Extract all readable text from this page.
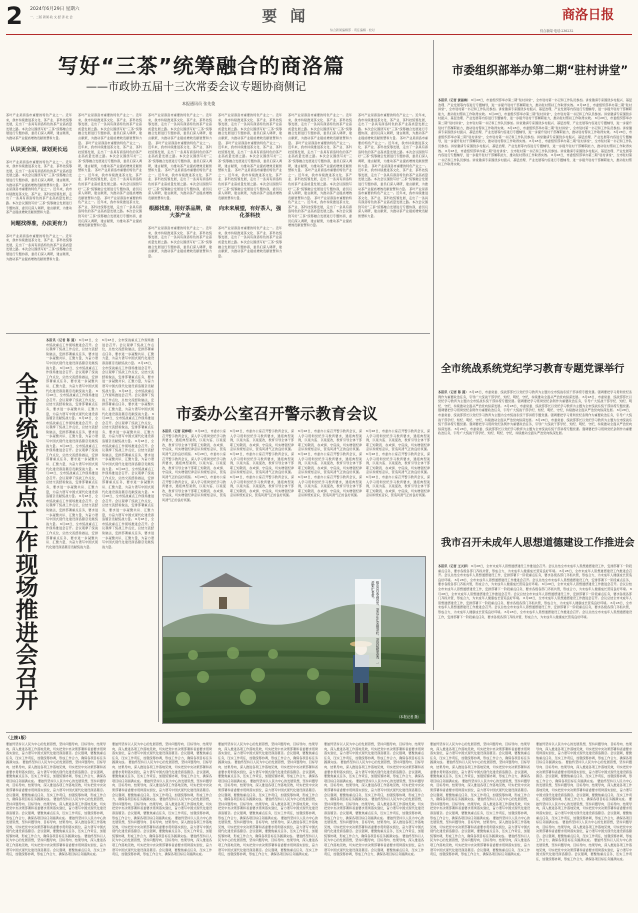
2 2024年6月29日 星期六
一、二版 新闻·政 文·经 济·社 会	要 闻	商洛日报
综合新闻·电话:236232
综合新闻编辑部 · 责任编辑 · 校对
写好“三茶”统筹融合的商洛篇
——市政协五届十三次常委会议专题协商侧记
本报通讯员 张先俊
茶叶产业是商洛市重要的特色产业之一。近年来，我市持续推进茶文化、茶产业、茶科技统筹发展，走出了一条具有商洛特色的茶产业高质量发展之路。本次会议围绕写好“三茶”统筹融合发展进行专题协商，委员们深入调研，建言献策，为推动茶产业提质增效贡献智慧和力量。
认识更全面，谋划更长远
茶叶产业是商洛市重要的特色产业之一。近年来，我市持续推进茶文化、茶产业、茶科技统筹发展，走出了一条具有商洛特色的茶产业高质量发展之路。本次会议围绕写好“三茶”统筹融合发展进行专题协商，委员们深入调研，建言献策，为推动茶产业提质增效贡献智慧和力量。 茶叶产业是商洛市重要的特色产业之一。近年来，我市持续推进茶文化、茶产业、茶科技统筹发展，走出了一条具有商洛特色的茶产业高质量发展之路。本次会议围绕写好“三茶”统筹融合发展进行专题协商，委员们深入调研，建言献策，为推动茶产业提质增效贡献智慧和力量。
问题找得准，办法更有力
茶叶产业是商洛市重要的特色产业之一。近年来，我市持续推进茶文化、茶产业、茶科技统筹发展，走出了一条具有商洛特色的茶产业高质量发展之路。本次会议围绕写好“三茶”统筹融合发展进行专题协商，委员们深入调研，建言献策，为推动茶产业提质增效贡献智慧和力量。
茶叶产业是商洛市重要的特色产业之一。近年来，我市持续推进茶文化、茶产业、茶科技统筹发展，走出了一条具有商洛特色的茶产业高质量发展之路。本次会议围绕写好“三茶”统筹融合发展进行专题协商，委员们深入调研，建言献策，为推动茶产业提质增效贡献智慧和力量。 茶叶产业是商洛市重要的特色产业之一。近年来，我市持续推进茶文化、茶产业、茶科技统筹发展，走出了一条具有商洛特色的茶产业高质量发展之路。本次会议围绕写好“三茶”统筹融合发展进行专题协商，委员们深入调研，建言献策，为推动茶产业提质增效贡献智慧和力量。 茶叶产业是商洛市重要的特色产业之一。近年来，我市持续推进茶文化、茶产业、茶科技统筹发展，走出了一条具有商洛特色的茶产业高质量发展之路。本次会议围绕写好“三茶”统筹融合发展进行专题协商，委员们深入调研，建言献策，为推动茶产业提质增效贡献智慧和力量。 茶叶产业是商洛市重要的特色产业之一。近年来，我市持续推进茶文化、茶产业、茶科技统筹发展，走出了一条具有商洛特色的茶产业高质量发展之路。本次会议围绕写好“三茶”统筹融合发展进行专题协商，委员们深入调研，建言献策，为推动茶产业提质增效贡献智慧和力量。
茶叶产业是商洛市重要的特色产业之一。近年来，我市持续推进茶文化、茶产业、茶科技统筹发展，走出了一条具有商洛特色的茶产业高质量发展之路。本次会议围绕写好“三茶”统筹融合发展进行专题协商，委员们深入调研，建言献策，为推动茶产业提质增效贡献智慧和力量。 茶叶产业是商洛市重要的特色产业之一。近年来，我市持续推进茶文化、茶产业、茶科技统筹发展，走出了一条具有商洛特色的茶产业高质量发展之路。本次会议围绕写好“三茶”统筹融合发展进行专题协商，委员们深入调研，建言献策，为推动茶产业提质增效贡献智慧和力量。 茶叶产业是商洛市重要的特色产业之一。近年来，我市持续推进茶文化、茶产业、茶科技统筹发展，走出了一条具有商洛特色的茶产业高质量发展之路。本次会议围绕写好“三茶”统筹融合发展进行专题协商，委员们深入调研，建言献策，为推动茶产业提质增效贡献智慧和力量。
根源找准，用好茶品牌，做大茶产业
茶叶产业是商洛市重要的特色产业之一。近年来，我市持续推进茶文化、茶产业、茶科技统筹发展，走出了一条具有商洛特色的茶产业高质量发展之路。本次会议围绕写好“三茶”统筹融合发展进行专题协商，委员们深入调研，建言献策，为推动茶产业提质增效贡献智慧和力量。
茶叶产业是商洛市重要的特色产业之一。近年来，我市持续推进茶文化、茶产业、茶科技统筹发展，走出了一条具有商洛特色的茶产业高质量发展之路。本次会议围绕写好“三茶”统筹融合发展进行专题协商，委员们深入调研，建言献策，为推动茶产业提质增效贡献智慧和力量。 茶叶产业是商洛市重要的特色产业之一。近年来，我市持续推进茶文化、茶产业、茶科技统筹发展，走出了一条具有商洛特色的茶产业高质量发展之路。本次会议围绕写好“三茶”统筹融合发展进行专题协商，委员们深入调研，建言献策，为推动茶产业提质增效贡献智慧和力量。 茶叶产业是商洛市重要的特色产业之一。近年来，我市持续推进茶文化、茶产业、茶科技统筹发展，走出了一条具有商洛特色的茶产业高质量发展之路。本次会议围绕写好“三茶”统筹融合发展进行专题协商，委员们深入调研，建言献策，为推动茶产业提质增效贡献智慧和力量。
向未来展望，有好茶人，强化茶科技
茶叶产业是商洛市重要的特色产业之一。近年来，我市持续推进茶文化、茶产业、茶科技统筹发展，走出了一条具有商洛特色的茶产业高质量发展之路。本次会议围绕写好“三茶”统筹融合发展进行专题协商，委员们深入调研，建言献策，为推动茶产业提质增效贡献智慧和力量。
茶叶产业是商洛市重要的特色产业之一。近年来，我市持续推进茶文化、茶产业、茶科技统筹发展，走出了一条具有商洛特色的茶产业高质量发展之路。本次会议围绕写好“三茶”统筹融合发展进行专题协商，委员们深入调研，建言献策，为推动茶产业提质增效贡献智慧和力量。 茶叶产业是商洛市重要的特色产业之一。近年来，我市持续推进茶文化、茶产业、茶科技统筹发展，走出了一条具有商洛特色的茶产业高质量发展之路。本次会议围绕写好“三茶”统筹融合发展进行专题协商，委员们深入调研，建言献策，为推动茶产业提质增效贡献智慧和力量。 茶叶产业是商洛市重要的特色产业之一。近年来，我市持续推进茶文化、茶产业、茶科技统筹发展，走出了一条具有商洛特色的茶产业高质量发展之路。本次会议围绕写好“三茶”统筹融合发展进行专题协商，委员们深入调研，建言献策，为推动茶产业提质增效贡献智慧和力量。 茶叶产业是商洛市重要的特色产业之一。近年来，我市持续推进茶文化、茶产业、茶科技统筹发展，走出了一条具有商洛特色的茶产业高质量发展之路。本次会议围绕写好“三茶”统筹融合发展进行专题协商，委员们深入调研，建言献策，为推动茶产业提质增效贡献智慧和力量。
茶叶产业是商洛市重要的特色产业之一。近年来，我市持续推进茶文化、茶产业、茶科技统筹发展，走出了一条具有商洛特色的茶产业高质量发展之路。本次会议围绕写好“三茶”统筹融合发展进行专题协商，委员们深入调研，建言献策，为推动茶产业提质增效贡献智慧和力量。 茶叶产业是商洛市重要的特色产业之一。近年来，我市持续推进茶文化、茶产业、茶科技统筹发展，走出了一条具有商洛特色的茶产业高质量发展之路。本次会议围绕写好“三茶”统筹融合发展进行专题协商，委员们深入调研，建言献策，为推动茶产业提质增效贡献智慧和力量。 茶叶产业是商洛市重要的特色产业之一。近年来，我市持续推进茶文化、茶产业、茶科技统筹发展，走出了一条具有商洛特色的茶产业高质量发展之路。本次会议围绕写好“三茶”统筹融合发展进行专题协商，委员们深入调研，建言献策，为推动茶产业提质增效贡献智慧和力量。 茶叶产业是商洛市重要的特色产业之一。近年来，我市持续推进茶文化、茶产业、茶科技统筹发展，走出了一条具有商洛特色的茶产业高质量发展之路。本次会议围绕写好“三茶”统筹融合发展进行专题协商，委员们深入调研，建言献策，为推动茶产业提质增效贡献智慧和力量。
市委组织部举办第二期“驻村讲堂”
本报讯（记者 黄丽梅） 6月28日，市委组织部举办第二期“驻村讲堂”，全市驻村第一书记和工作队员参加。讲堂邀请专家围绕乡村振兴、基层治理、产业发展等内容进行专题辅导，进一步提升驻村干部履职能力，推动驻村帮扶工作取得实效。 6月28日，市委组织部举办第二期“驻村讲堂”，全市驻村第一书记和工作队员参加。讲堂邀请专家围绕乡村振兴、基层治理、产业发展等内容进行专题辅导，进一步提升驻村干部履职能力，推动驻村帮扶工作取得实效。 6月28日，市委组织部举办第二期“驻村讲堂”，全市驻村第一书记和工作队员参加。讲堂邀请专家围绕乡村振兴、基层治理、产业发展等内容进行专题辅导，进一步提升驻村干部履职能力，推动驻村帮扶工作取得实效。 6月28日，市委组织部举办第二期“驻村讲堂”，全市驻村第一书记和工作队员参加。讲堂邀请专家围绕乡村振兴、基层治理、产业发展等内容进行专题辅导，进一步提升驻村干部履职能力，推动驻村帮扶工作取得实效。 6月28日，市委组织部举办第二期“驻村讲堂”，全市驻村第一书记和工作队员参加。讲堂邀请专家围绕乡村振兴、基层治理、产业发展等内容进行专题辅导，进一步提升驻村干部履职能力，推动驻村帮扶工作取得实效。 6月28日，市委组织部举办第二期“驻村讲堂”，全市驻村第一书记和工作队员参加。讲堂邀请专家围绕乡村振兴、基层治理、产业发展等内容进行专题辅导，进一步提升驻村干部履职能力，推动驻村帮扶工作取得实效。 6月28日，市委组织部举办第二期“驻村讲堂”，全市驻村第一书记和工作队员参加。讲堂邀请专家围绕乡村振兴、基层治理、产业发展等内容进行专题辅导，进一步提升驻村干部履职能力，推动驻村帮扶工作取得实效。 6月28日，市委组织部举办第二期“驻村讲堂”，全市驻村第一书记和工作队员参加。讲堂邀请专家围绕乡村振兴、基层治理、产业发展等内容进行专题辅导，进一步提升驻村干部履职能力，推动驻村帮扶工作取得实效。 6月28日，市委组织部举办第二期“驻村讲堂”，全市驻村第一书记和工作队员参加。讲堂邀请专家围绕乡村振兴、基层治理、产业发展等内容进行专题辅导，进一步提升驻村干部履职能力，推动驻村帮扶工作取得实效。
全市统战系统党纪学习教育专题党课举行
本报讯（记者 陈 圆） 6月28日，市委常委、统战部部长以党纪学习教育为主题为全市统战系统干部讲授专题党课。强调要把学习贯彻党纪条例作为重要政治任务，引导广大统战干部学纪、知纪、明纪、守纪，持续推动全面从严治党向纵深发展。 6月28日，市委常委、统战部部长以党纪学习教育为主题为全市统战系统干部讲授专题党课。强调要把学习贯彻党纪条例作为重要政治任务，引导广大统战干部学纪、知纪、明纪、守纪，持续推动全面从严治党向纵深发展。 6月28日，市委常委、统战部部长以党纪学习教育为主题为全市统战系统干部讲授专题党课。强调要把学习贯彻党纪条例作为重要政治任务，引导广大统战干部学纪、知纪、明纪、守纪，持续推动全面从严治党向纵深发展。 6月28日，市委常委、统战部部长以党纪学习教育为主题为全市统战系统干部讲授专题党课。强调要把学习贯彻党纪条例作为重要政治任务，引导广大统战干部学纪、知纪、明纪、守纪，持续推动全面从严治党向纵深发展。 6月28日，市委常委、统战部部长以党纪学习教育为主题为全市统战系统干部讲授专题党课。强调要把学习贯彻党纪条例作为重要政治任务，引导广大统战干部学纪、知纪、明纪、守纪，持续推动全面从严治党向纵深发展。 6月28日，市委常委、统战部部长以党纪学习教育为主题为全市统战系统干部讲授专题党课。强调要把学习贯彻党纪条例作为重要政治任务，引导广大统战干部学纪、知纪、明纪、守纪，持续推动全面从严治党向纵深发展。
我市召开未成年人思想道德建设工作推进会
本报讯（记者 王天彩） 6月28日，全市未成年人思想道德建设工作推进会召开。会议总结全市未成年人思想道德建设工作，安排部署下一阶段重点任务，要求各级各部门齐抓共管，形成合力，为未成年人健康成长营造良好环境。 6月28日，全市未成年人思想道德建设工作推进会召开。会议总结全市未成年人思想道德建设工作，安排部署下一阶段重点任务，要求各级各部门齐抓共管，形成合力，为未成年人健康成长营造良好环境。 6月28日，全市未成年人思想道德建设工作推进会召开。会议总结全市未成年人思想道德建设工作，安排部署下一阶段重点任务，要求各级各部门齐抓共管，形成合力，为未成年人健康成长营造良好环境。 6月28日，全市未成年人思想道德建设工作推进会召开。会议总结全市未成年人思想道德建设工作，安排部署下一阶段重点任务，要求各级各部门齐抓共管，形成合力，为未成年人健康成长营造良好环境。 6月28日，全市未成年人思想道德建设工作推进会召开。会议总结全市未成年人思想道德建设工作，安排部署下一阶段重点任务，要求各级各部门齐抓共管，形成合力，为未成年人健康成长营造良好环境。 6月28日，全市未成年人思想道德建设工作推进会召开。会议总结全市未成年人思想道德建设工作，安排部署下一阶段重点任务，要求各级各部门齐抓共管，形成合力，为未成年人健康成长营造良好环境。 6月28日，全市未成年人思想道德建设工作推进会召开。会议总结全市未成年人思想道德建设工作，安排部署下一阶段重点任务，要求各级各部门齐抓共管，形成合力，为未成年人健康成长营造良好环境。 6月28日，全市未成年人思想道德建设工作推进会召开。会议总结全市未成年人思想道德建设工作，安排部署下一阶段重点任务，要求各级各部门齐抓共管，形成合力，为未成年人健康成长营造良好环境。
全
市
统
战
重
点
工
作
现
场
推
进
会
召
开
本报讯（记者 陈 圆） 6月28日，全市统战重点工作现场推进会召开。会议观摩了统战工作点位，总结交流经验做法，安排部署重点任务，要求进一步凝聚共识、汇聚力量，为奋力谱写中国式现代化建设商洛篇章贡献统战力量。 6月28日，全市统战重点工作现场推进会召开。会议观摩了统战工作点位，总结交流经验做法，安排部署重点任务，要求进一步凝聚共识、汇聚力量，为奋力谱写中国式现代化建设商洛篇章贡献统战力量。 6月28日，全市统战重点工作现场推进会召开。会议观摩了统战工作点位，总结交流经验做法，安排部署重点任务，要求进一步凝聚共识、汇聚力量，为奋力谱写中国式现代化建设商洛篇章贡献统战力量。 6月28日，全市统战重点工作现场推进会召开。会议观摩了统战工作点位，总结交流经验做法，安排部署重点任务，要求进一步凝聚共识、汇聚力量，为奋力谱写中国式现代化建设商洛篇章贡献统战力量。 6月28日，全市统战重点工作现场推进会召开。会议观摩了统战工作点位，总结交流经验做法，安排部署重点任务，要求进一步凝聚共识、汇聚力量，为奋力谱写中国式现代化建设商洛篇章贡献统战力量。 6月28日，全市统战重点工作现场推进会召开。会议观摩了统战工作点位，总结交流经验做法，安排部署重点任务，要求进一步凝聚共识、汇聚力量，为奋力谱写中国式现代化建设商洛篇章贡献统战力量。 6月28日，全市统战重点工作现场推进会召开。会议观摩了统战工作点位，总结交流经验做法，安排部署重点任务，要求进一步凝聚共识、汇聚力量，为奋力谱写中国式现代化建设商洛篇章贡献统战力量。 6月28日，全市统战重点工作现场推进会召开。会议观摩了统战工作点位，总结交流经验做法，安排部署重点任务，要求进一步凝聚共识、汇聚力量，为奋力谱写中国式现代化建设商洛篇章贡献统战力量。
6月28日，全市统战重点工作现场推进会召开。会议观摩了统战工作点位，总结交流经验做法，安排部署重点任务，要求进一步凝聚共识、汇聚力量，为奋力谱写中国式现代化建设商洛篇章贡献统战力量。 6月28日，全市统战重点工作现场推进会召开。会议观摩了统战工作点位，总结交流经验做法，安排部署重点任务，要求进一步凝聚共识、汇聚力量，为奋力谱写中国式现代化建设商洛篇章贡献统战力量。 6月28日，全市统战重点工作现场推进会召开。会议观摩了统战工作点位，总结交流经验做法，安排部署重点任务，要求进一步凝聚共识、汇聚力量，为奋力谱写中国式现代化建设商洛篇章贡献统战力量。 6月28日，全市统战重点工作现场推进会召开。会议观摩了统战工作点位，总结交流经验做法，安排部署重点任务，要求进一步凝聚共识、汇聚力量，为奋力谱写中国式现代化建设商洛篇章贡献统战力量。 6月28日，全市统战重点工作现场推进会召开。会议观摩了统战工作点位，总结交流经验做法，安排部署重点任务，要求进一步凝聚共识、汇聚力量，为奋力谱写中国式现代化建设商洛篇章贡献统战力量。 6月28日，全市统战重点工作现场推进会召开。会议观摩了统战工作点位，总结交流经验做法，安排部署重点任务，要求进一步凝聚共识、汇聚力量，为奋力谱写中国式现代化建设商洛篇章贡献统战力量。 6月28日，全市统战重点工作现场推进会召开。会议观摩了统战工作点位，总结交流经验做法，安排部署重点任务，要求进一步凝聚共识、汇聚力量，为奋力谱写中国式现代化建设商洛篇章贡献统战力量。 6月28日，全市统战重点工作现场推进会召开。会议观摩了统战工作点位，总结交流经验做法，安排部署重点任务，要求进一步凝聚共识、汇聚力量，为奋力谱写中国式现代化建设商洛篇章贡献统战力量。
市委办公室召开警示教育会议
本报讯（记者 祝烨晴） 6月28日，市委办公室召开警示教育会议，深入学习贯彻党纪学习教育要求，通报典型案例，以案为鉴、以案促改，教育引导全体干部职工知敬畏、存戒惧、守底线，切实增强纪律意识和规矩意识，营造风清气正的良好氛围。 6月28日，市委办公室召开警示教育会议，深入学习贯彻党纪学习教育要求，通报典型案例，以案为鉴、以案促改，教育引导全体干部职工知敬畏、存戒惧、守底线，切实增强纪律意识和规矩意识，营造风清气正的良好氛围。 6月28日，市委办公室召开警示教育会议，深入学习贯彻党纪学习教育要求，通报典型案例，以案为鉴、以案促改，教育引导全体干部职工知敬畏、存戒惧、守底线，切实增强纪律意识和规矩意识，营造风清气正的良好氛围。
6月28日，市委办公室召开警示教育会议，深入学习贯彻党纪学习教育要求，通报典型案例，以案为鉴、以案促改，教育引导全体干部职工知敬畏、存戒惧、守底线，切实增强纪律意识和规矩意识，营造风清气正的良好氛围。 6月28日，市委办公室召开警示教育会议，深入学习贯彻党纪学习教育要求，通报典型案例，以案为鉴、以案促改，教育引导全体干部职工知敬畏、存戒惧、守底线，切实增强纪律意识和规矩意识，营造风清气正的良好氛围。 6月28日，市委办公室召开警示教育会议，深入学习贯彻党纪学习教育要求，通报典型案例，以案为鉴、以案促改，教育引导全体干部职工知敬畏、存戒惧、守底线，切实增强纪律意识和规矩意识，营造风清气正的良好氛围。
6月28日，市委办公室召开警示教育会议，深入学习贯彻党纪学习教育要求，通报典型案例，以案为鉴、以案促改，教育引导全体干部职工知敬畏、存戒惧、守底线，切实增强纪律意识和规矩意识，营造风清气正的良好氛围。 6月28日，市委办公室召开警示教育会议，深入学习贯彻党纪学习教育要求，通报典型案例，以案为鉴、以案促改，教育引导全体干部职工知敬畏、存戒惧、守底线，切实增强纪律意识和规矩意识，营造风清气正的良好氛围。 6月28日，市委办公室召开警示教育会议，深入学习贯彻党纪学习教育要求，通报典型案例，以案为鉴、以案促改，教育引导全体干部职工知敬畏、存戒惧、守底线，切实增强纪律意识和规矩意识，营造风清气正的良好氛围。
6月28日，市委办公室召开警示教育会议，深入学习贯彻党纪学习教育要求，通报典型案例，以案为鉴、以案促改，教育引导全体干部职工知敬畏、存戒惧、守底线，切实增强纪律意识和规矩意识，营造风清气正的良好氛围。 6月28日，市委办公室召开警示教育会议，深入学习贯彻党纪学习教育要求，通报典型案例，以案为鉴、以案促改，教育引导全体干部职工知敬畏、存戒惧、守底线，切实增强纪律意识和规矩意识，营造风清气正的良好氛围。 6月28日，市委办公室召开警示教育会议，深入学习贯彻党纪学习教育要求，通报典型案例，以案为鉴、以案促改，教育引导全体干部职工知敬畏、存戒惧、守底线，切实增强纪律意识和规矩意识，营造风清气正的良好氛围。
镇安县某茶园里，茶农正在采摘茶叶，茶园郁郁葱葱，一派繁忙景象。
（本报记者 摄）
（上接1版）
要始终坚持以人民为中心的发展思想，坚持问题导向、目标导向、结果导向，深入推进各项工作落地见效，切实把党中央决策部署和省委要求贯彻落实到位，奋力谱写中国式现代化建设商洛篇章。会议强调，要聚焦重点任务，压实工作责任，加强统筹协调，形成工作合力，确保各项目标任务圆满完成。 要始终坚持以人民为中心的发展思想，坚持问题导向、目标导向、结果导向，深入推进各项工作落地见效，切实把党中央决策部署和省委要求贯彻落实到位，奋力谱写中国式现代化建设商洛篇章。会议强调，要聚焦重点任务，压实工作责任，加强统筹协调，形成工作合力，确保各项目标任务圆满完成。 要始终坚持以人民为中心的发展思想，坚持问题导向、目标导向、结果导向，深入推进各项工作落地见效，切实把党中央决策部署和省委要求贯彻落实到位，奋力谱写中国式现代化建设商洛篇章。会议强调，要聚焦重点任务，压实工作责任，加强统筹协调，形成工作合力，确保各项目标任务圆满完成。 要始终坚持以人民为中心的发展思想，坚持问题导向、目标导向、结果导向，深入推进各项工作落地见效，切实把党中央决策部署和省委要求贯彻落实到位，奋力谱写中国式现代化建设商洛篇章。会议强调，要聚焦重点任务，压实工作责任，加强统筹协调，形成工作合力，确保各项目标任务圆满完成。 要始终坚持以人民为中心的发展思想，坚持问题导向、目标导向、结果导向，深入推进各项工作落地见效，切实把党中央决策部署和省委要求贯彻落实到位，奋力谱写中国式现代化建设商洛篇章。会议强调，要聚焦重点任务，压实工作责任，加强统筹协调，形成工作合力，确保各项目标任务圆满完成。 要始终坚持以人民为中心的发展思想，坚持问题导向、目标导向、结果导向，深入推进各项工作落地见效，切实把党中央决策部署和省委要求贯彻落实到位，奋力谱写中国式现代化建设商洛篇章。会议强调，要聚焦重点任务，压实工作责任，加强统筹协调，形成工作合力，确保各项目标任务圆满完成。
要始终坚持以人民为中心的发展思想，坚持问题导向、目标导向、结果导向，深入推进各项工作落地见效，切实把党中央决策部署和省委要求贯彻落实到位，奋力谱写中国式现代化建设商洛篇章。会议强调，要聚焦重点任务，压实工作责任，加强统筹协调，形成工作合力，确保各项目标任务圆满完成。 要始终坚持以人民为中心的发展思想，坚持问题导向、目标导向、结果导向，深入推进各项工作落地见效，切实把党中央决策部署和省委要求贯彻落实到位，奋力谱写中国式现代化建设商洛篇章。会议强调，要聚焦重点任务，压实工作责任，加强统筹协调，形成工作合力，确保各项目标任务圆满完成。 要始终坚持以人民为中心的发展思想，坚持问题导向、目标导向、结果导向，深入推进各项工作落地见效，切实把党中央决策部署和省委要求贯彻落实到位，奋力谱写中国式现代化建设商洛篇章。会议强调，要聚焦重点任务，压实工作责任，加强统筹协调，形成工作合力，确保各项目标任务圆满完成。 要始终坚持以人民为中心的发展思想，坚持问题导向、目标导向、结果导向，深入推进各项工作落地见效，切实把党中央决策部署和省委要求贯彻落实到位，奋力谱写中国式现代化建设商洛篇章。会议强调，要聚焦重点任务，压实工作责任，加强统筹协调，形成工作合力，确保各项目标任务圆满完成。 要始终坚持以人民为中心的发展思想，坚持问题导向、目标导向、结果导向，深入推进各项工作落地见效，切实把党中央决策部署和省委要求贯彻落实到位，奋力谱写中国式现代化建设商洛篇章。会议强调，要聚焦重点任务，压实工作责任，加强统筹协调，形成工作合力，确保各项目标任务圆满完成。 要始终坚持以人民为中心的发展思想，坚持问题导向、目标导向、结果导向，深入推进各项工作落地见效，切实把党中央决策部署和省委要求贯彻落实到位，奋力谱写中国式现代化建设商洛篇章。会议强调，要聚焦重点任务，压实工作责任，加强统筹协调，形成工作合力，确保各项目标任务圆满完成。
要始终坚持以人民为中心的发展思想，坚持问题导向、目标导向、结果导向，深入推进各项工作落地见效，切实把党中央决策部署和省委要求贯彻落实到位，奋力谱写中国式现代化建设商洛篇章。会议强调，要聚焦重点任务，压实工作责任，加强统筹协调，形成工作合力，确保各项目标任务圆满完成。 要始终坚持以人民为中心的发展思想，坚持问题导向、目标导向、结果导向，深入推进各项工作落地见效，切实把党中央决策部署和省委要求贯彻落实到位，奋力谱写中国式现代化建设商洛篇章。会议强调，要聚焦重点任务，压实工作责任，加强统筹协调，形成工作合力，确保各项目标任务圆满完成。 要始终坚持以人民为中心的发展思想，坚持问题导向、目标导向、结果导向，深入推进各项工作落地见效，切实把党中央决策部署和省委要求贯彻落实到位，奋力谱写中国式现代化建设商洛篇章。会议强调，要聚焦重点任务，压实工作责任，加强统筹协调，形成工作合力，确保各项目标任务圆满完成。 要始终坚持以人民为中心的发展思想，坚持问题导向、目标导向、结果导向，深入推进各项工作落地见效，切实把党中央决策部署和省委要求贯彻落实到位，奋力谱写中国式现代化建设商洛篇章。会议强调，要聚焦重点任务，压实工作责任，加强统筹协调，形成工作合力，确保各项目标任务圆满完成。 要始终坚持以人民为中心的发展思想，坚持问题导向、目标导向、结果导向，深入推进各项工作落地见效，切实把党中央决策部署和省委要求贯彻落实到位，奋力谱写中国式现代化建设商洛篇章。会议强调，要聚焦重点任务，压实工作责任，加强统筹协调，形成工作合力，确保各项目标任务圆满完成。 要始终坚持以人民为中心的发展思想，坚持问题导向、目标导向、结果导向，深入推进各项工作落地见效，切实把党中央决策部署和省委要求贯彻落实到位，奋力谱写中国式现代化建设商洛篇章。会议强调，要聚焦重点任务，压实工作责任，加强统筹协调，形成工作合力，确保各项目标任务圆满完成。
要始终坚持以人民为中心的发展思想，坚持问题导向、目标导向、结果导向，深入推进各项工作落地见效，切实把党中央决策部署和省委要求贯彻落实到位，奋力谱写中国式现代化建设商洛篇章。会议强调，要聚焦重点任务，压实工作责任，加强统筹协调，形成工作合力，确保各项目标任务圆满完成。 要始终坚持以人民为中心的发展思想，坚持问题导向、目标导向、结果导向，深入推进各项工作落地见效，切实把党中央决策部署和省委要求贯彻落实到位，奋力谱写中国式现代化建设商洛篇章。会议强调，要聚焦重点任务，压实工作责任，加强统筹协调，形成工作合力，确保各项目标任务圆满完成。 要始终坚持以人民为中心的发展思想，坚持问题导向、目标导向、结果导向，深入推进各项工作落地见效，切实把党中央决策部署和省委要求贯彻落实到位，奋力谱写中国式现代化建设商洛篇章。会议强调，要聚焦重点任务，压实工作责任，加强统筹协调，形成工作合力，确保各项目标任务圆满完成。 要始终坚持以人民为中心的发展思想，坚持问题导向、目标导向、结果导向，深入推进各项工作落地见效，切实把党中央决策部署和省委要求贯彻落实到位，奋力谱写中国式现代化建设商洛篇章。会议强调，要聚焦重点任务，压实工作责任，加强统筹协调，形成工作合力，确保各项目标任务圆满完成。 要始终坚持以人民为中心的发展思想，坚持问题导向、目标导向、结果导向，深入推进各项工作落地见效，切实把党中央决策部署和省委要求贯彻落实到位，奋力谱写中国式现代化建设商洛篇章。会议强调，要聚焦重点任务，压实工作责任，加强统筹协调，形成工作合力，确保各项目标任务圆满完成。 要始终坚持以人民为中心的发展思想，坚持问题导向、目标导向、结果导向，深入推进各项工作落地见效，切实把党中央决策部署和省委要求贯彻落实到位，奋力谱写中国式现代化建设商洛篇章。会议强调，要聚焦重点任务，压实工作责任，加强统筹协调，形成工作合力，确保各项目标任务圆满完成。
要始终坚持以人民为中心的发展思想，坚持问题导向、目标导向、结果导向，深入推进各项工作落地见效，切实把党中央决策部署和省委要求贯彻落实到位，奋力谱写中国式现代化建设商洛篇章。会议强调，要聚焦重点任务，压实工作责任，加强统筹协调，形成工作合力，确保各项目标任务圆满完成。 要始终坚持以人民为中心的发展思想，坚持问题导向、目标导向、结果导向，深入推进各项工作落地见效，切实把党中央决策部署和省委要求贯彻落实到位，奋力谱写中国式现代化建设商洛篇章。会议强调，要聚焦重点任务，压实工作责任，加强统筹协调，形成工作合力，确保各项目标任务圆满完成。 要始终坚持以人民为中心的发展思想，坚持问题导向、目标导向、结果导向，深入推进各项工作落地见效，切实把党中央决策部署和省委要求贯彻落实到位，奋力谱写中国式现代化建设商洛篇章。会议强调，要聚焦重点任务，压实工作责任，加强统筹协调，形成工作合力，确保各项目标任务圆满完成。 要始终坚持以人民为中心的发展思想，坚持问题导向、目标导向、结果导向，深入推进各项工作落地见效，切实把党中央决策部署和省委要求贯彻落实到位，奋力谱写中国式现代化建设商洛篇章。会议强调，要聚焦重点任务，压实工作责任，加强统筹协调，形成工作合力，确保各项目标任务圆满完成。 要始终坚持以人民为中心的发展思想，坚持问题导向、目标导向、结果导向，深入推进各项工作落地见效，切实把党中央决策部署和省委要求贯彻落实到位，奋力谱写中国式现代化建设商洛篇章。会议强调，要聚焦重点任务，压实工作责任，加强统筹协调，形成工作合力，确保各项目标任务圆满完成。 要始终坚持以人民为中心的发展思想，坚持问题导向、目标导向、结果导向，深入推进各项工作落地见效，切实把党中央决策部署和省委要求贯彻落实到位，奋力谱写中国式现代化建设商洛篇章。会议强调，要聚焦重点任务，压实工作责任，加强统筹协调，形成工作合力，确保各项目标任务圆满完成。
要始终坚持以人民为中心的发展思想，坚持问题导向、目标导向、结果导向，深入推进各项工作落地见效，切实把党中央决策部署和省委要求贯彻落实到位，奋力谱写中国式现代化建设商洛篇章。会议强调，要聚焦重点任务，压实工作责任，加强统筹协调，形成工作合力，确保各项目标任务圆满完成。 要始终坚持以人民为中心的发展思想，坚持问题导向、目标导向、结果导向，深入推进各项工作落地见效，切实把党中央决策部署和省委要求贯彻落实到位，奋力谱写中国式现代化建设商洛篇章。会议强调，要聚焦重点任务，压实工作责任，加强统筹协调，形成工作合力，确保各项目标任务圆满完成。 要始终坚持以人民为中心的发展思想，坚持问题导向、目标导向、结果导向，深入推进各项工作落地见效，切实把党中央决策部署和省委要求贯彻落实到位，奋力谱写中国式现代化建设商洛篇章。会议强调，要聚焦重点任务，压实工作责任，加强统筹协调，形成工作合力，确保各项目标任务圆满完成。 要始终坚持以人民为中心的发展思想，坚持问题导向、目标导向、结果导向，深入推进各项工作落地见效，切实把党中央决策部署和省委要求贯彻落实到位，奋力谱写中国式现代化建设商洛篇章。会议强调，要聚焦重点任务，压实工作责任，加强统筹协调，形成工作合力，确保各项目标任务圆满完成。 要始终坚持以人民为中心的发展思想，坚持问题导向、目标导向、结果导向，深入推进各项工作落地见效，切实把党中央决策部署和省委要求贯彻落实到位，奋力谱写中国式现代化建设商洛篇章。会议强调，要聚焦重点任务，压实工作责任，加强统筹协调，形成工作合力，确保各项目标任务圆满完成。 要始终坚持以人民为中心的发展思想，坚持问题导向、目标导向、结果导向，深入推进各项工作落地见效，切实把党中央决策部署和省委要求贯彻落实到位，奋力谱写中国式现代化建设商洛篇章。会议强调，要聚焦重点任务，压实工作责任，加强统筹协调，形成工作合力，确保各项目标任务圆满完成。
